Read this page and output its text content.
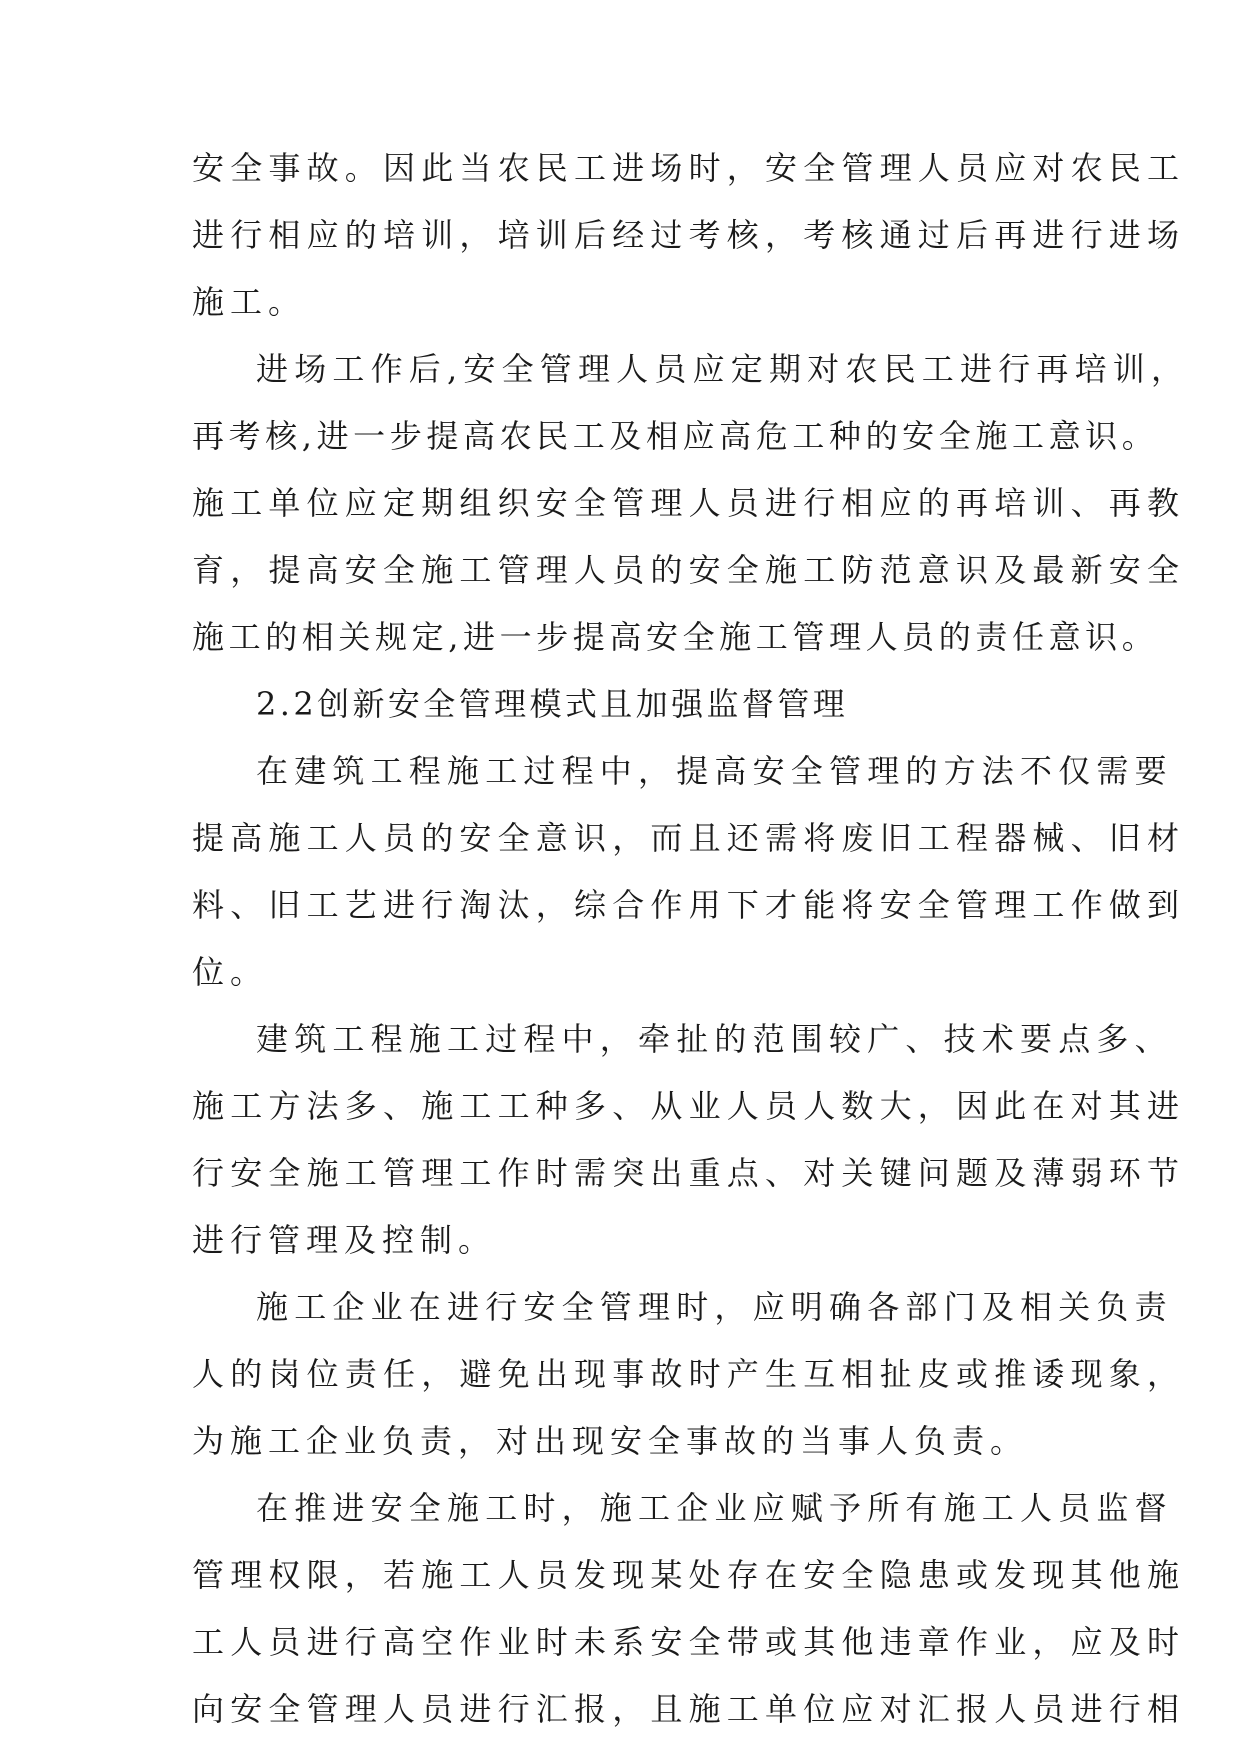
安全事故。因此当农民工进场时，安全管理人员应对农民工
进行相应的培训，培训后经过考核，考核通过后再进行进场
施工。
进场工作后,安全管理人员应定期对农民工进行再培训，
再考核,进一步提高农民工及相应高危工种的安全施工意识。
施工单位应定期组织安全管理人员进行相应的再培训、再教
育，提高安全施工管理人员的安全施工防范意识及最新安全
施工的相关规定,进一步提高安全施工管理人员的责任意识。
2.2创新安全管理模式且加强监督管理
在建筑工程施工过程中，提高安全管理的方法不仅需要
提高施工人员的安全意识，而且还需将废旧工程器械、旧材
料、旧工艺进行淘汰，综合作用下才能将安全管理工作做到
位。
建筑工程施工过程中，牵扯的范围较广、技术要点多、
施工方法多、施工工种多、从业人员人数大，因此在对其进
行安全施工管理工作时需突出重点、对关键问题及薄弱环节
进行管理及控制。
施工企业在进行安全管理时，应明确各部门及相关负责
人的岗位责任，避免出现事故时产生互相扯皮或推诿现象，
为施工企业负责，对出现安全事故的当事人负责。
在推进安全施工时，施工企业应赋予所有施工人员监督
管理权限，若施工人员发现某处存在安全隐患或发现其他施
工人员进行高空作业时未系安全带或其他违章作业，应及时
向安全管理人员进行汇报，且施工单位应对汇报人员进行相
